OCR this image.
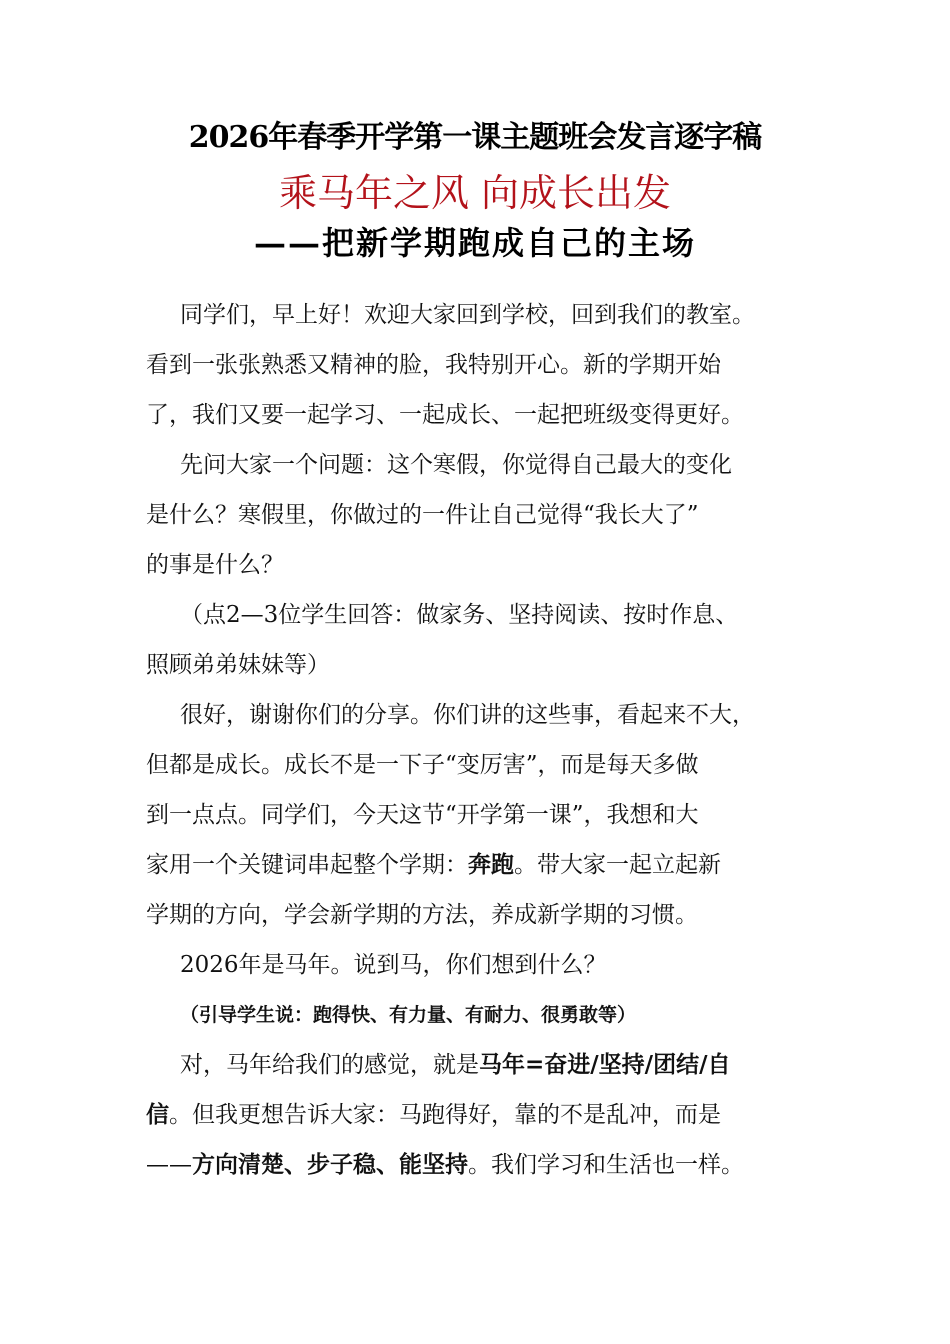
2026年春季开学第一课主题班会发言逐字稿
乘马年之风 向成长出发
——把新学期跑成自己的主场
同学们，早上好！欢迎大家回到学校，回到我们的教室。
看到一张张熟悉又精神的脸，我特别开心。新的学期开始
了，我们又要一起学习、一起成长、一起把班级变得更好。
先问大家一个问题：这个寒假，你觉得自己最大的变化
是什么？寒假里，你做过的一件让自己觉得“我长大了”
的事是什么？
（点2—3位学生回答：做家务、坚持阅读、按时作息、
照顾弟弟妹妹等）
很好，谢谢你们的分享。你们讲的这些事，看起来不大，
但都是成长。成长不是一下子“变厉害”，而是每天多做
到一点点。同学们，今天这节“开学第一课”，我想和大
家用一个关键词串起整个学期：奔跑。带大家一起立起新
学期的方向，学会新学期的方法，养成新学期的习惯。
2026年是马年。说到马，你们想到什么？
（引导学生说：跑得快、有力量、有耐力、很勇敢等）
对，马年给我们的感觉，就是马年=奋进/坚持/团结/自
信。但我更想告诉大家：马跑得好，靠的不是乱冲，而是
——方向清楚、步子稳、能坚持。我们学习和生活也一样。
